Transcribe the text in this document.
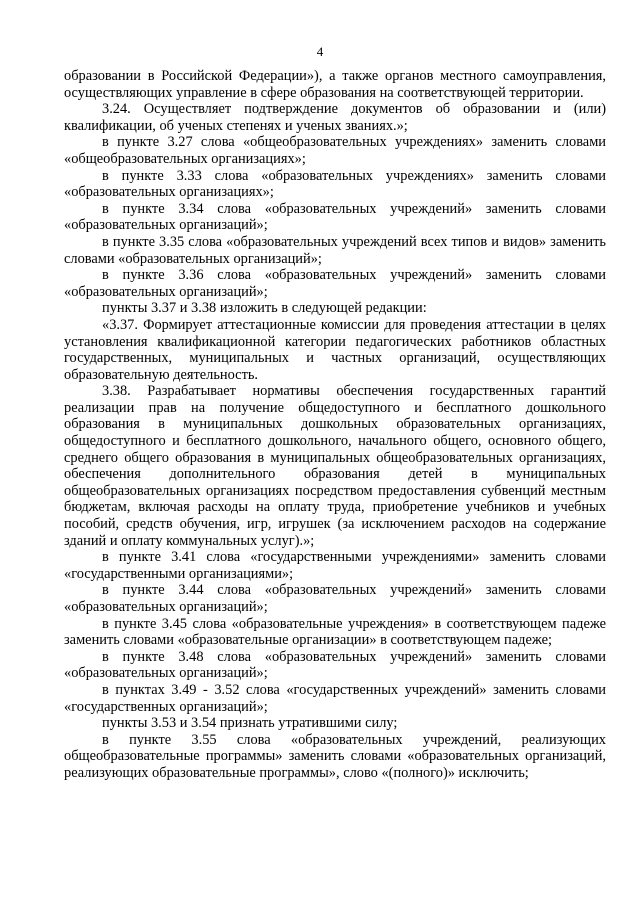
4

образовании в Российской Федерации»), а также органов местного самоуправления, осуществляющих управление в сфере образования на соответствующей территории.

3.24. Осуществляет подтверждение документов об образовании и (или) квалификации, об ученых степенях и ученых званиях.»;

в пункте 3.27 слова «общеобразовательных учреждениях» заменить словами «общеобразовательных организациях»;

в пункте 3.33 слова «образовательных учреждениях» заменить словами «образовательных организациях»;

в пункте 3.34 слова «образовательных учреждений» заменить словами «образовательных организаций»;

в пункте 3.35 слова «образовательных учреждений всех типов и видов» заменить словами «образовательных организаций»;

в пункте 3.36 слова «образовательных учреждений» заменить словами «образовательных организаций»;

пункты 3.37 и 3.38 изложить в следующей редакции:

«3.37. Формирует аттестационные комиссии для проведения аттестации в целях установления квалификационной категории педагогических работников областных государственных, муниципальных и частных организаций, осуществляющих образовательную деятельность.

3.38. Разрабатывает нормативы обеспечения государственных гарантий реализации прав на получение общедоступного и бесплатного дошкольного образования в муниципальных дошкольных образовательных организациях, общедоступного и бесплатного дошкольного, начального общего, основного общего, среднего общего образования в муниципальных общеобразовательных организациях, обеспечения дополнительного образования детей в муниципальных общеобразовательных организациях посредством предоставления субвенций местным бюджетам, включая расходы на оплату труда, приобретение учебников и учебных пособий, средств обучения, игр, игрушек (за исключением расходов на содержание зданий и оплату коммунальных услуг).»;

в пункте 3.41 слова «государственными учреждениями» заменить словами «государственными организациями»;

в пункте 3.44 слова «образовательных учреждений» заменить словами «образовательных организаций»;

в пункте 3.45 слова «образовательные учреждения» в соответствующем падеже заменить словами «образовательные организации» в соответствующем падеже;

в пункте 3.48 слова «образовательных учреждений» заменить словами «образовательных организаций»;

в пунктах 3.49 - 3.52 слова «государственных учреждений» заменить словами «государственных организаций»;

пункты 3.53 и 3.54 признать утратившими силу;

в пункте 3.55 слова «образовательных учреждений, реализующих общеобразовательные программы» заменить словами «образовательных организаций, реализующих образовательные программы», слово «(полного)» исключить;
